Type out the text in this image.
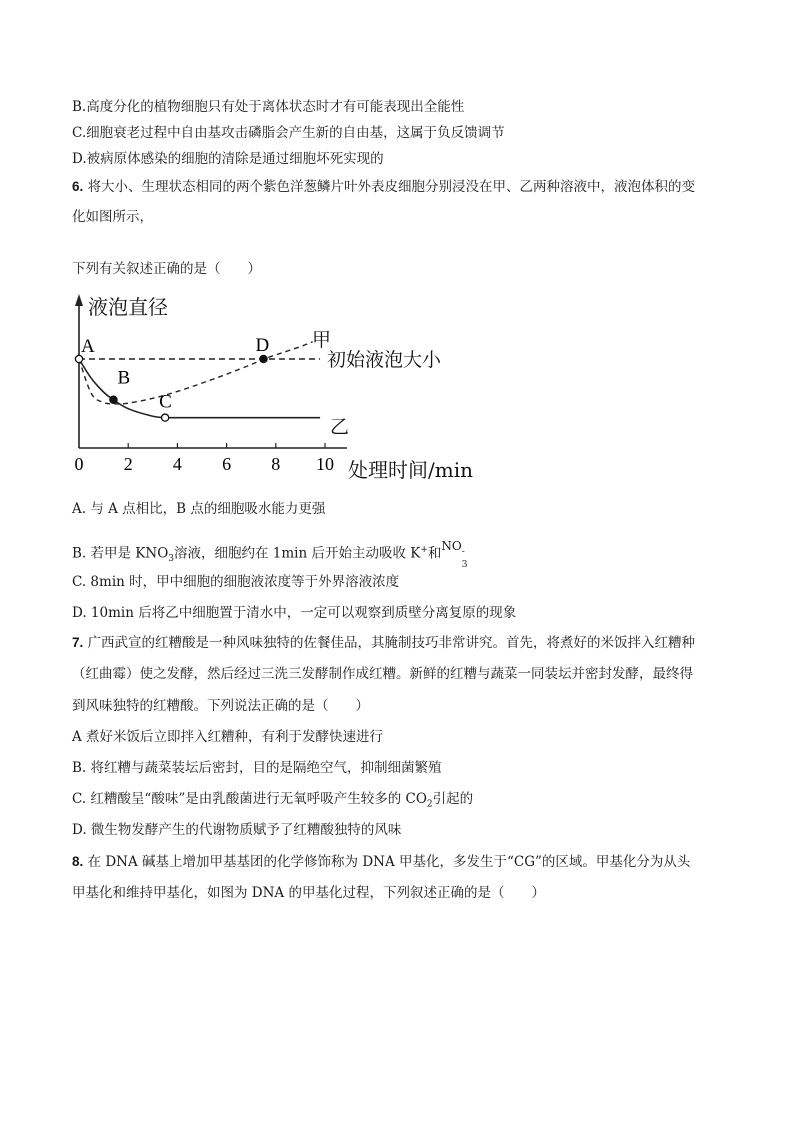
B.高度分化的植物细胞只有处于离体状态时才有可能表现出全能性
C.细胞衰老过程中自由基攻击磷脂会产生新的自由基，这属于负反馈调节
D.被病原体感染的细胞的清除是通过细胞坏死实现的
6. 将大小、生理状态相同的两个紫色洋葱鳞片叶外表皮细胞分别浸没在甲、乙两种溶液中，液泡体积的变
化如图所示，
下列有关叙述正确的是（　　）
0 2 4 6 8 10
液泡直径
处理时间/min
初始液泡大小
甲
乙
A
B
C
D
A. 与 A 点相比，B 点的细胞吸水能力更强
B. 若甲是 $KNO_3$溶液，细胞约在 1min 后开始主动吸收 K+和NO -
3
C. 8min 时，甲中细胞的细胞液浓度等于外界溶液浓度
D. 10min 后将乙中细胞置于清水中，一定可以观察到质壁分离复原的现象
7. 广西武宣的红糟酸是一种风味独特的佐餐佳品，其腌制技巧非常讲究。首先，将煮好的米饭拌入红糟种
（红曲霉）使之发酵，然后经过三洗三发酵制作成红糟。新鲜的红糟与蔬菜一同装坛并密封发酵，最终得
到风味独特的红糟酸。下列说法正确的是（　　）
A 煮好米饭后立即拌入红糟种，有利于发酵快速进行
B. 将红糟与蔬菜装坛后密封，目的是隔绝空气，抑制细菌繁殖
C. 红糟酸呈“酸味”是由乳酸菌进行无氧呼吸产生较多的 $CO_2$引起的
D. 微生物发酵产生的代谢物质赋予了红糟酸独特的风味
8. 在 DNA 碱基上增加甲基基团的化学修饰称为 DNA 甲基化，多发生于“CG”的区域。甲基化分为从头
甲基化和维持甲基化，如图为 DNA 的甲基化过程，下列叙述正确的是（　　）
